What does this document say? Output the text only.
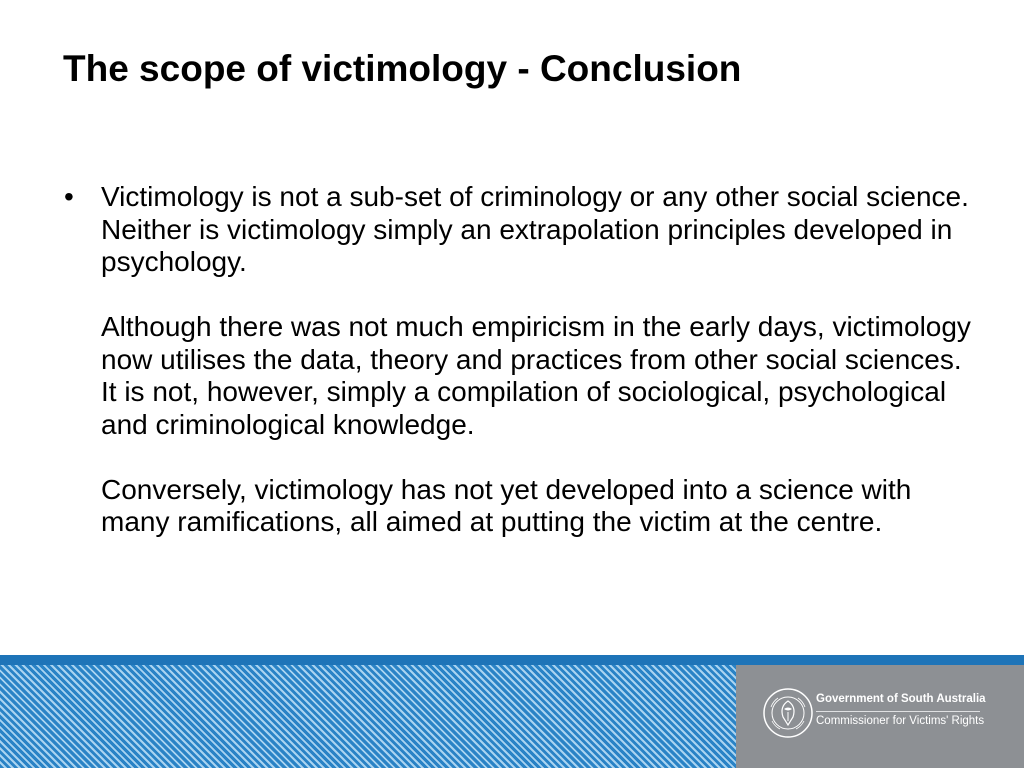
The scope of victimology - Conclusion
• Victimology is not a sub-set of criminology or any other social science. Neither is victimology simply an extrapolation principles developed in psychology.

Although there was not much empiricism in the early days, victimology now utilises the data, theory and practices from other social sciences. It is not, however, simply a compilation of sociological, psychological and criminological knowledge.

Conversely, victimology has not yet developed into a science with many ramifications, all aimed at putting the victim at the centre.

Government of South Australia
Commissioner for Victims' Rights
